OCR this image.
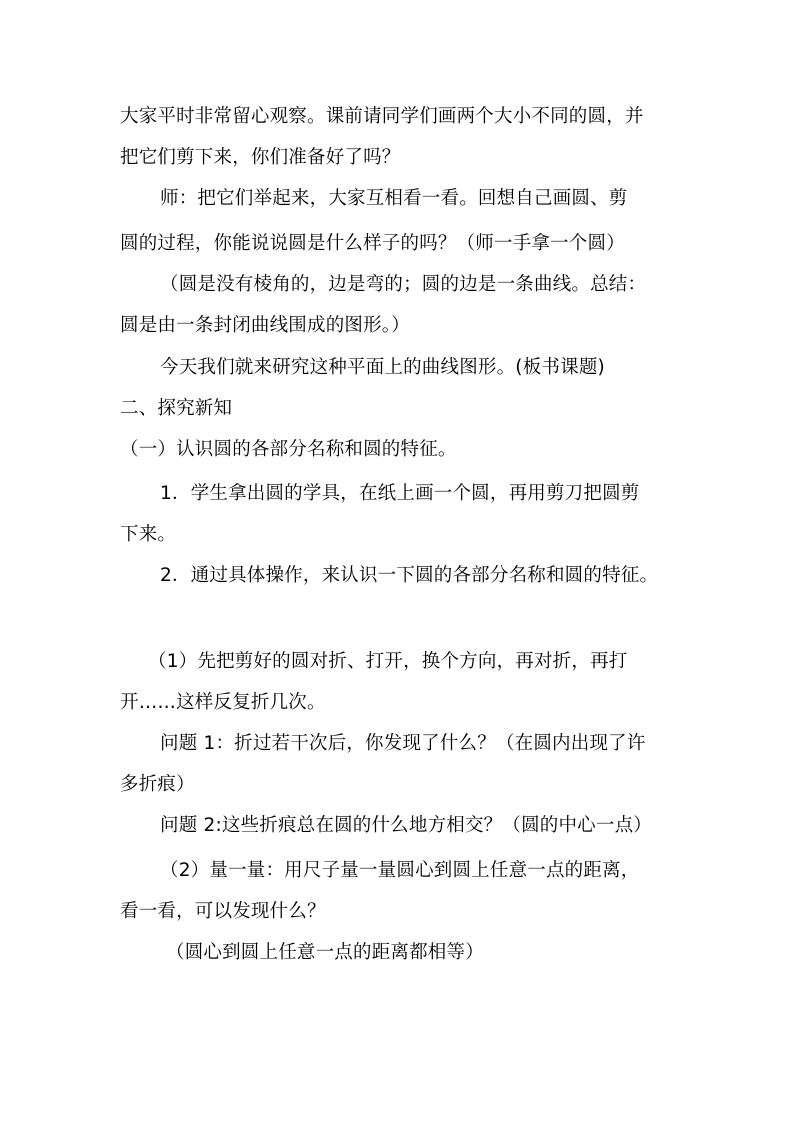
大家平时非常留心观察。课前请同学们画两个大小不同的圆，并
把它们剪下来，你们准备好了吗？
师：把它们举起来，大家互相看一看。回想自己画圆、剪
圆的过程，你能说说圆是什么样子的吗？（师一手拿一个圆）
（圆是没有棱角的，边是弯的；圆的边是一条曲线。总结：
圆是由一条封闭曲线围成的图形。）
今天我们就来研究这种平面上的曲线图形。(板书课题)
二、探究新知
（一）认识圆的各部分名称和圆的特征。
1．学生拿出圆的学具，在纸上画一个圆，再用剪刀把圆剪
下来。
2．通过具体操作，来认识一下圆的各部分名称和圆的特征。
（1）先把剪好的圆对折、打开，换个方向，再对折，再打
开……这样反复折几次。
问题 1：折过若干次后，你发现了什么？（在圆内出现了许
多折痕）
问题 2:这些折痕总在圆的什么地方相交？（圆的中心一点）
（2）量一量：用尺子量一量圆心到圆上任意一点的距离，
看一看，可以发现什么？
（圆心到圆上任意一点的距离都相等）
